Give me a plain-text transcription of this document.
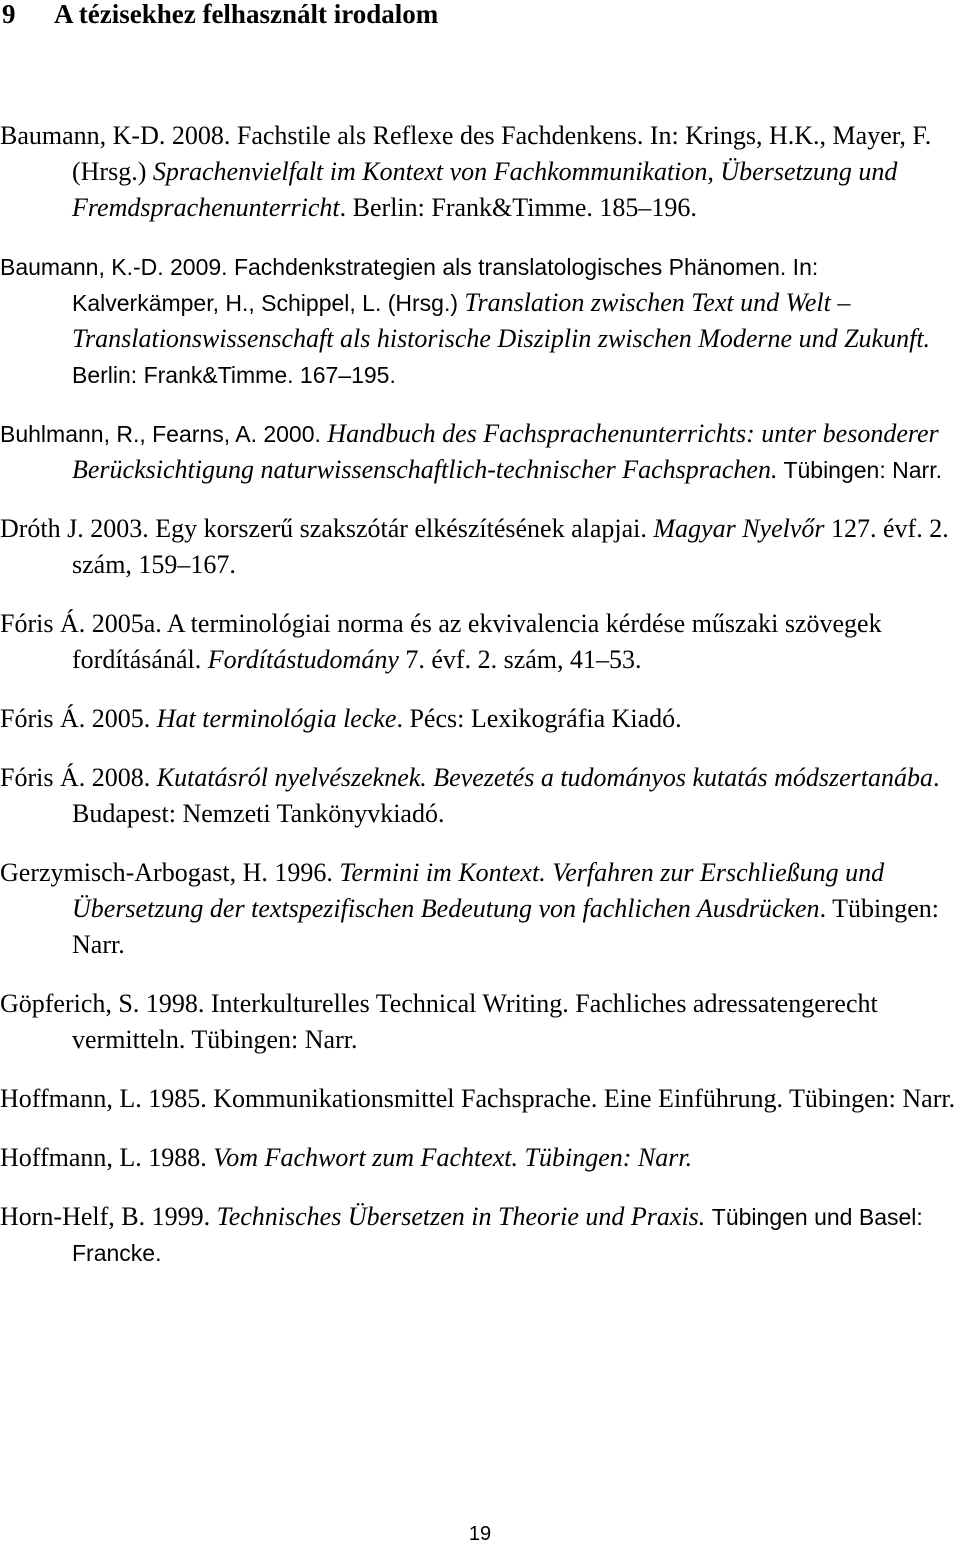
9 A tézisekhez felhasznált irodalom
Baumann, K-D. 2008. Fachstile als Reflexe des Fachdenkens. In: Krings, H.K., Mayer, F. (Hrsg.) Sprachenvielfalt im Kontext von Fachkommunikation, Übersetzung und Fremdsprachenunterricht. Berlin: Frank&Timme. 185–196.
Baumann, K.-D. 2009. Fachdenkstrategien als translatologisches Phänomen. In: Kalverkämper, H., Schippel, L. (Hrsg.) Translation zwischen Text und Welt – Translationswissenschaft als historische Disziplin zwischen Moderne und Zukunft. Berlin: Frank&Timme. 167–195.
Buhlmann, R., Fearns, A. 2000. Handbuch des Fachsprachenunterrichts: unter besonderer Berücksichtigung naturwissenschaftlich-technischer Fachsprachen. Tübingen: Narr.
Dróth J. 2003. Egy korszerű szakszótár elkészítésének alapjai. Magyar Nyelvőr 127. évf. 2. szám, 159–167.
Fóris Á. 2005a. A terminológiai norma és az ekvivalencia kérdése műszaki szövegek fordításánál. Fordítástudomány 7. évf. 2. szám, 41–53.
Fóris Á. 2005. Hat terminológia lecke. Pécs: Lexikográfia Kiadó.
Fóris Á. 2008. Kutatásról nyelvészeknek. Bevezetés a tudományos kutatás módszertanába. Budapest: Nemzeti Tankönyvkiadó.
Gerzymisch-Arbogast, H. 1996. Termini im Kontext. Verfahren zur Erschließung und Übersetzung der textspezifischen Bedeutung von fachlichen Ausdrücken. Tübingen: Narr.
Göpferich, S. 1998. Interkulturelles Technical Writing. Fachliches adressatengerecht vermitteln. Tübingen: Narr.
Hoffmann, L. 1985. Kommunikationsmittel Fachsprache. Eine Einführung. Tübingen: Narr.
Hoffmann, L. 1988. Vom Fachwort zum Fachtext. Tübingen: Narr.
Horn-Helf, B. 1999. Technisches Übersetzen in Theorie und Praxis. Tübingen und Basel: Francke.
19
